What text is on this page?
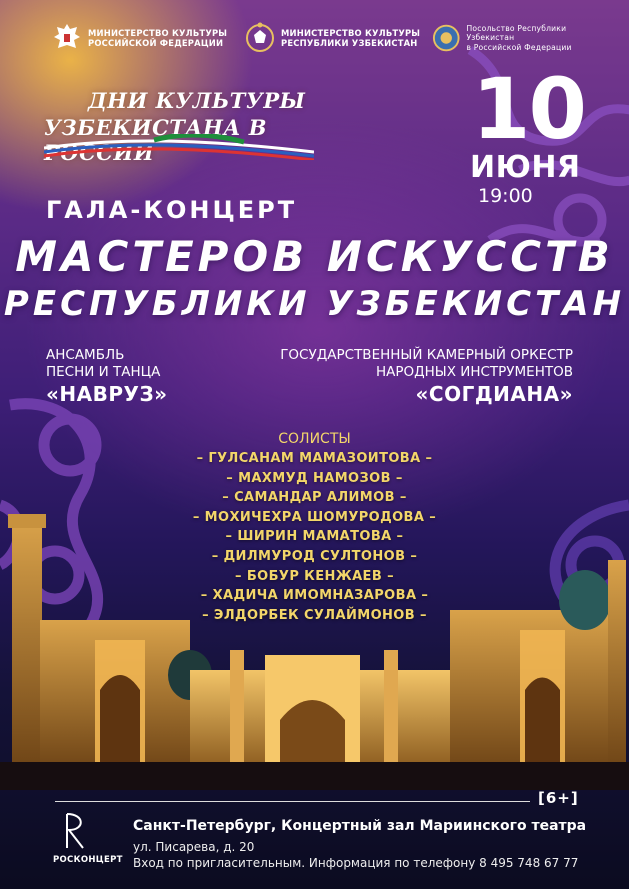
МИНИСТЕРСТВО КУЛЬТУРЫ
РОССИЙСКОЙ ФЕДЕРАЦИИ
МИНИСТЕРСТВО КУЛЬТУРЫ
РЕСПУБЛИКИ УЗБЕКИСТАН
Посольство Республики Узбекистан
в Российской Федерации
ДНИ КУЛЬТУРЫ
УЗБЕКИСТАНА В РОССИИ	10
ИЮНЯ
19:00
ГАЛА-КОНЦЕРТ
МАСТЕРОВ ИСКУССТВ
РЕСПУБЛИКИ УЗБЕКИСТАН
АНСАМБЛЬ
ПЕСНИ И ТАНЦА
«НАВРУЗ»
ГОСУДАРСТВЕННЫЙ КАМЕРНЫЙ ОРКЕСТР
НАРОДНЫХ ИНСТРУМЕНТОВ
«СОГДИАНА»
СОЛИСТЫ
– ГУЛСАНАМ МАМАЗОИТОВА –
– МАХМУД НАМОЗОВ –
– САМАНДАР АЛИМОВ –
– МОХИЧЕХРА ШОМУРОДОВА –
– ШИРИН МАМАТОВА –
– ДИЛМУРОД СУЛТОНОВ –
– БОБУР КЕНЖАЕВ –
– ХАДИЧА ИМОМНАЗАРОВА –
– ЭЛДОРБЕК СУЛАЙМОНОВ –
[6+]
РОСКОНЦЕРТ
Санкт-Петербург, Концертный зал Мариинского театра
ул. Писарева, д. 20
Вход по пригласительным. Информация по телефону 8 495 748 67 77
